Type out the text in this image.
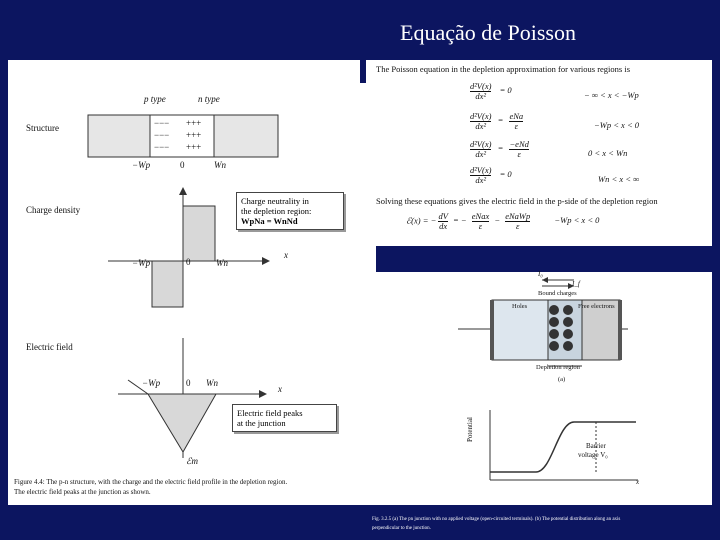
Equação de Poisson
p type	n type
Structure	−−−
−−−
−−−
+++
+++
+++
−Wp	0	Wn
Charge density
Charge neutrality in
the depletion region:
WpNa = WnNd
−Wp	0	Wn
x
Electric field
−Wp	0 Wn
x
Electric field peaks
at the junction
ℰm
Figure 4.4: The p-n structure, with the charge and the electric field profile in the depletion region.
The electric field peaks at the junction as shown.
The Poisson equation in the depletion approximation for various regions is
$\frac{\text{d²V(x)}}{\text{dx²}} = 0$	− ∞ < x < −Wp
$\frac{\text{d²V(x)}}{\text{dx²}} = \frac{\text{eNa}}{\varepsilon}$	−Wp < x < 0
$\frac{\text{d²V(x)}}{\text{dx²}} = \frac{\text{−eNd}}{\varepsilon}$	0 < x < Wn
$\frac{\text{d²V(x)}}{\text{dx²}} = 0$	Wn < x < ∞
Solving these equations gives the electric field in the p-side of the depletion region
ℰ(x) = − $\frac{dV}{dx}$ = − $\frac{\text{eNax}}{\varepsilon} - \frac{\text{eNaWp}}{\varepsilon}$	−Wp < x < 0
I₀
I_f
Bound charges
Holes	Free electrons
Depletion region
(a)
Potential
Barrier
voltage V₀
x
Fig. 3.2.5 (a) The pn junction with no applied voltage (open-circuited terminals). (b) The potential distribution along an axis
perpendicular to the junction.
